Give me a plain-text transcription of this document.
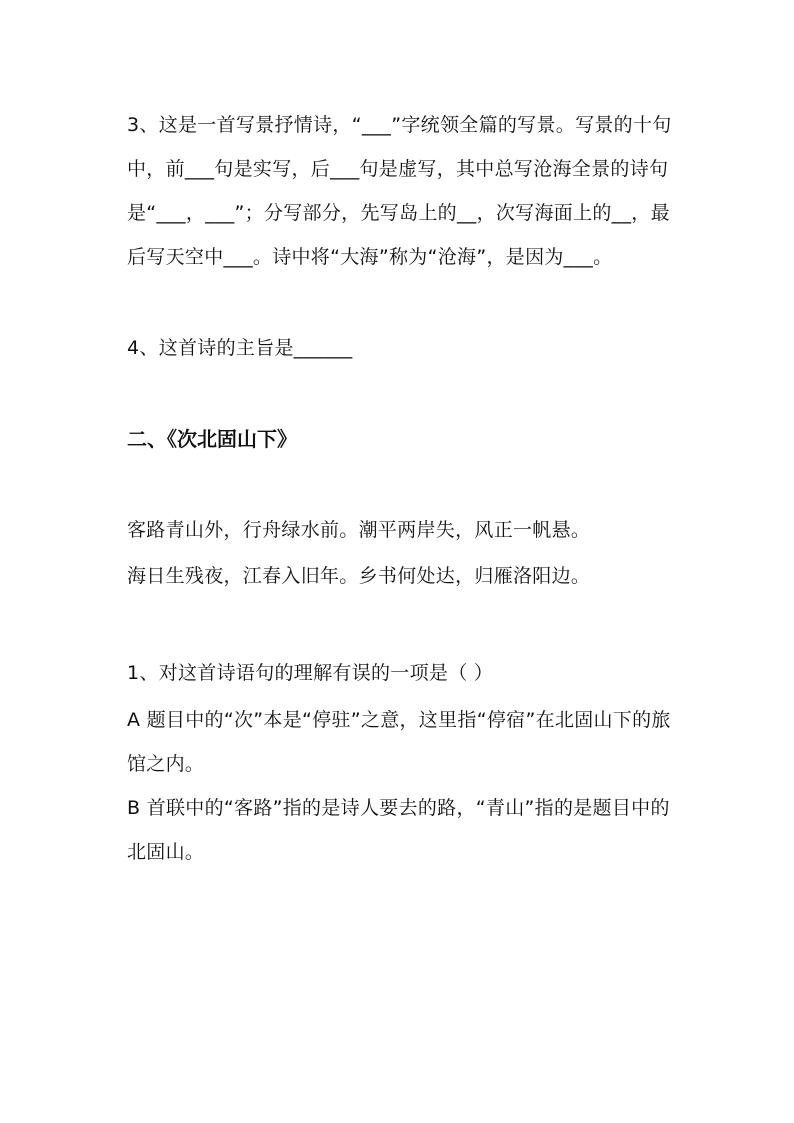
3、这是一首写景抒情诗，“___”字统领全篇的写景。写景的十句中，前___句是实写，后___句是虚写，其中总写沧海全景的诗句是“___，___”；分写部分，先写岛上的__，次写海面上的__，最后写天空中___。诗中将“大海”称为“沧海”，是因为___。

4、这首诗的主旨是______

二、《次北固山下》

客路青山外，行舟绿水前。潮平两岸失，风正一帆悬。

海日生残夜，江春入旧年。乡书何处达，归雁洛阳边。

1、对这首诗语句的理解有误的一项是（ ）

A 题目中的“次”本是“停驻”之意，这里指“停宿”在北固山下的旅馆之内。

B 首联中的“客路”指的是诗人要去的路，“青山”指的是题目中的北固山。
